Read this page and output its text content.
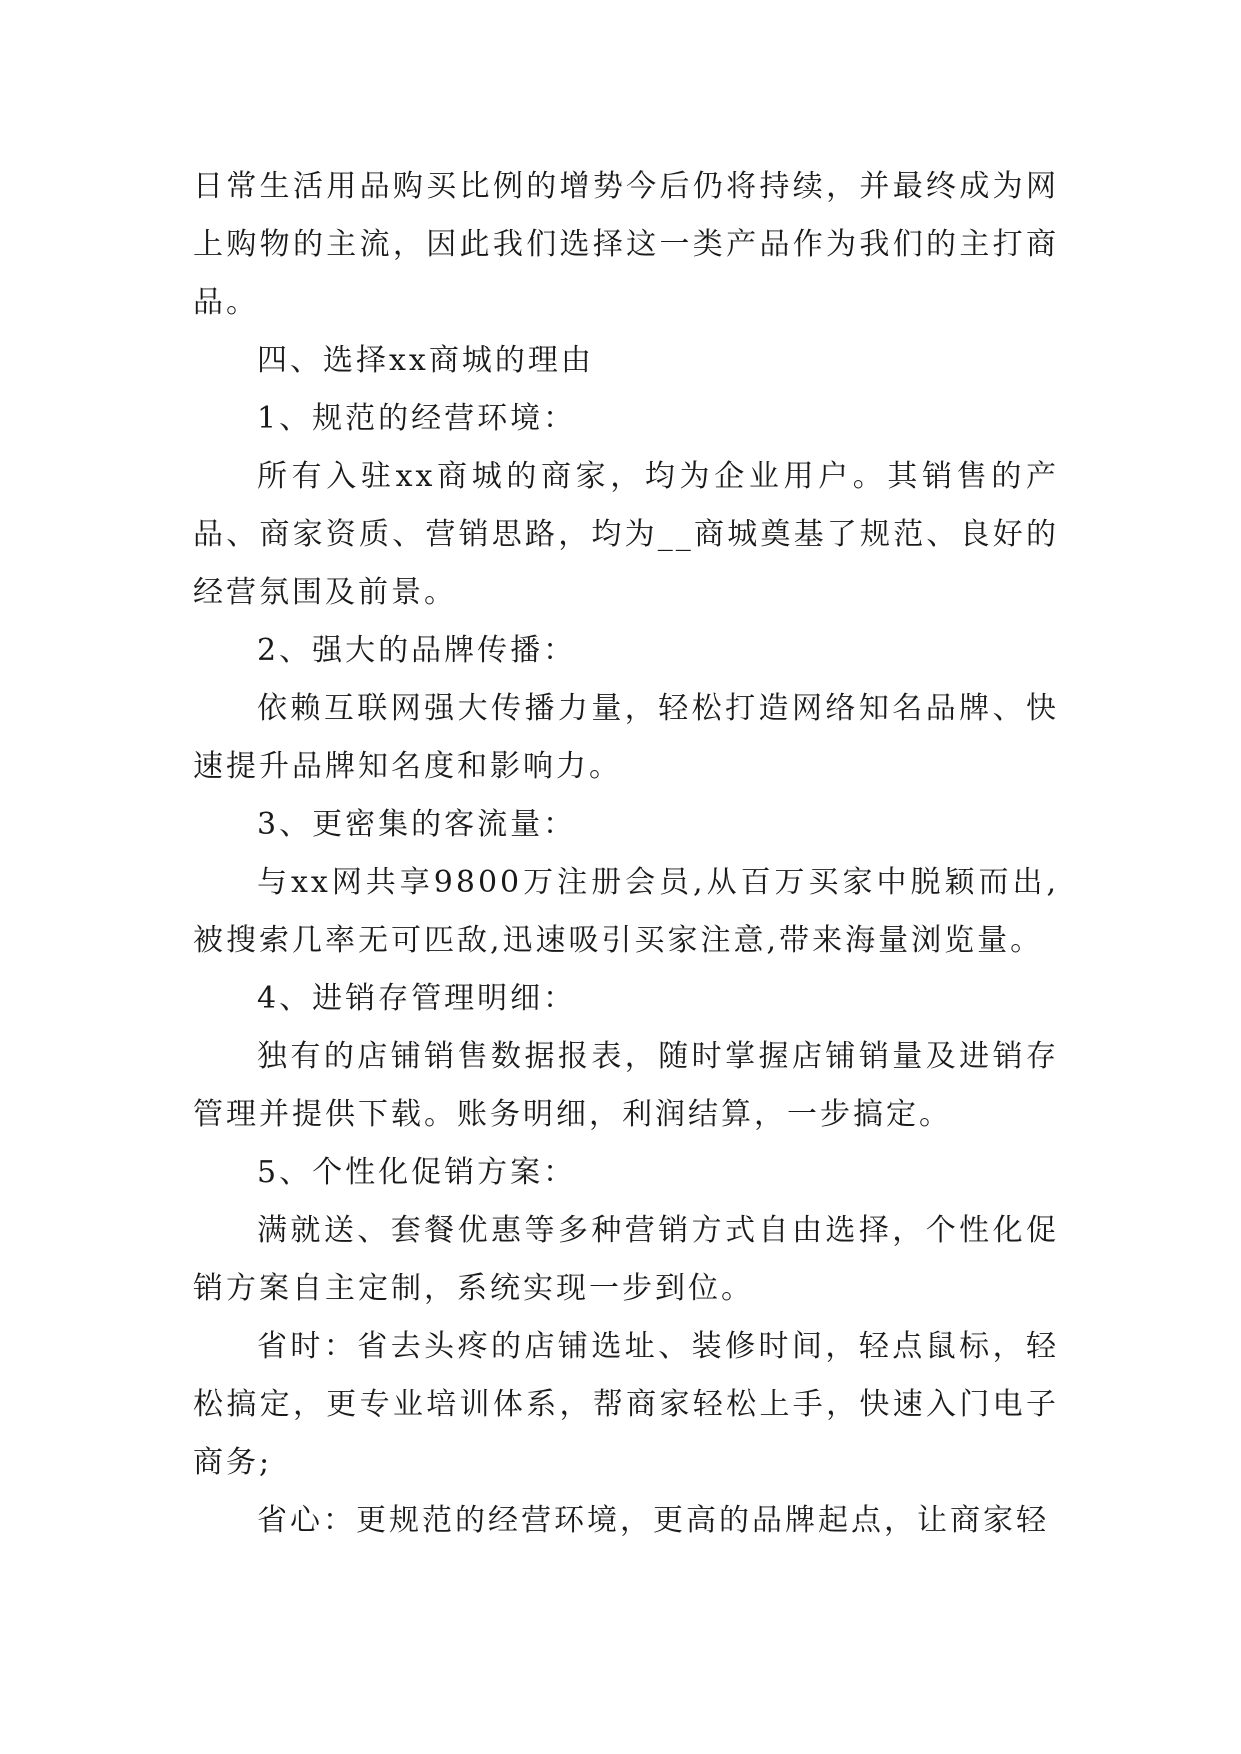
日常生活用品购买比例的增势今后仍将持续，并最终成为网上购物的主流，因此我们选择这一类产品作为我们的主打商品。

四、选择xx商城的理由

1、规范的经营环境：

所有入驻xx商城的商家，均为企业用户。其销售的产品、商家资质、营销思路，均为__商城奠基了规范、良好的经营氛围及前景。

2、强大的品牌传播：

依赖互联网强大传播力量，轻松打造网络知名品牌、快速提升品牌知名度和影响力。

3、更密集的客流量：

与xx网共享9800万注册会员,从百万买家中脱颖而出,被搜索几率无可匹敌,迅速吸引买家注意,带来海量浏览量。

4、进销存管理明细：

独有的店铺销售数据报表，随时掌握店铺销量及进销存管理并提供下载。账务明细，利润结算，一步搞定。

5、个性化促销方案：

满就送、套餐优惠等多种营销方式自由选择，个性化促销方案自主定制，系统实现一步到位。

省时：省去头疼的店铺选址、装修时间，轻点鼠标，轻松搞定，更专业培训体系，帮商家轻松上手，快速入门电子商务;

省心：更规范的经营环境，更高的品牌起点，让商家轻
